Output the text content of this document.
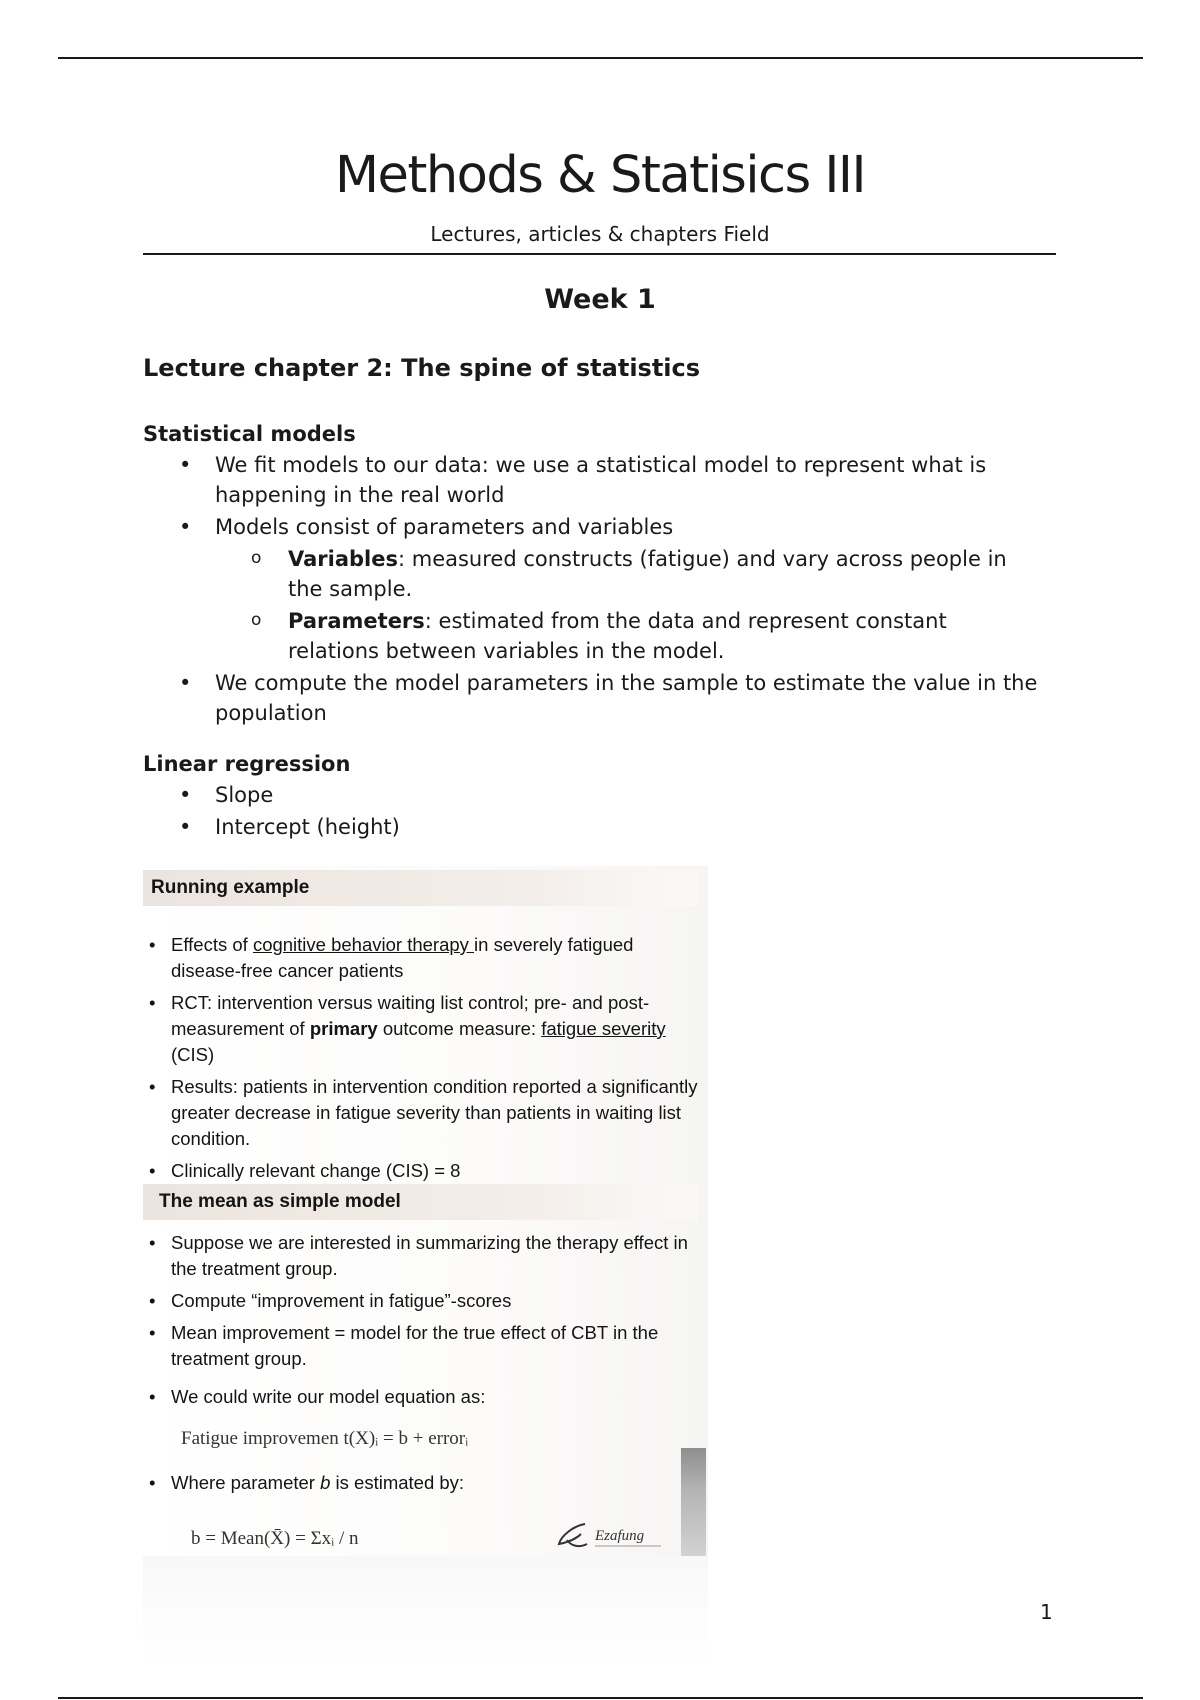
Methods & Statisics III
Lectures, articles & chapters Field
Week 1
Lecture chapter 2: The spine of statistics
Statistical models
• We fit models to our data: we use a statistical model to represent what is happening in the real world
• Models consist of parameters and variables
o Variables: measured constructs (fatigue) and vary across people in the sample.
o Parameters: estimated from the data and represent constant relations between variables in the model.
• We compute the model parameters in the sample to estimate the value in the population
Linear regression
• Slope
• Intercept (height)
Running example
• Effects of cognitive behavior therapy in severely fatigued disease-free cancer patients
• RCT: intervention versus waiting list control; pre- and post-measurement of primary outcome measure: fatigue severity (CIS)
• Results: patients in intervention condition reported a significantly greater decrease in fatigue severity than patients in waiting list condition.
• Clinically relevant change (CIS) = 8
The mean as simple model
• Suppose we are interested in summarizing the therapy effect in the treatment group.
• Compute “improvement in fatigue”-scores
• Mean improvement = model for the true effect of CBT in the treatment group.
• We could write our model equation as:
Fatigue improvemen t(X)ᵢ = b + errorᵢ
• Where parameter b is estimated by:
b = Mean(X̄) = Σxᵢ / n	Ezafung
1
